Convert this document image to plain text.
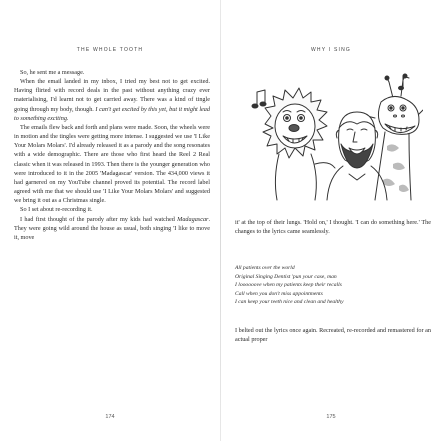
THE WHOLE TOOTH

So, he sent me a message.

When the email landed in my inbox, I tried my best not to get excited. Having flirted with record deals in the past without anything crazy ever materialising, I'd learnt not to get carried away. There was a kind of tingle going through my body, though. I can't get excited by this yet, but it might lead to something exciting.

The emails flew back and forth and plans were made. Soon, the wheels were in motion and the tingles were getting more intense. I suggested we use 'I Like Your Molars Molars'. I'd already released it as a parody and the song resonates with a wide demographic. There are those who first heard the Reel 2 Real classic when it was released in 1993. Then there is the younger generation who were introduced to it in the 2005 'Madagascar' version. The 434,000 views it had garnered on my YouTube channel proved its potential. The record label agreed with me that we should use 'I Like Your Molars Molars' and suggested we bring it out as a Christmas single.

So I set about re-recording it.

I had first thought of the parody after my kids had watched Madagascar. They were going wild around the house as usual, both singing 'I like to move it, move

174
WHY I SING

it' at the top of their lungs. 'Hold on,' I thought. 'I can do something here.' The changes to the lyrics came seamlessly.

All patients over the world
Original Singing Dentist 'pun your case, man
I loooooove when my patients keep their recalls
Call when you don't miss appointments
I can keep your teeth nice and clean and healthy

I belted out the lyrics once again. Recreated, re-recorded and remastered for an actual proper

175
